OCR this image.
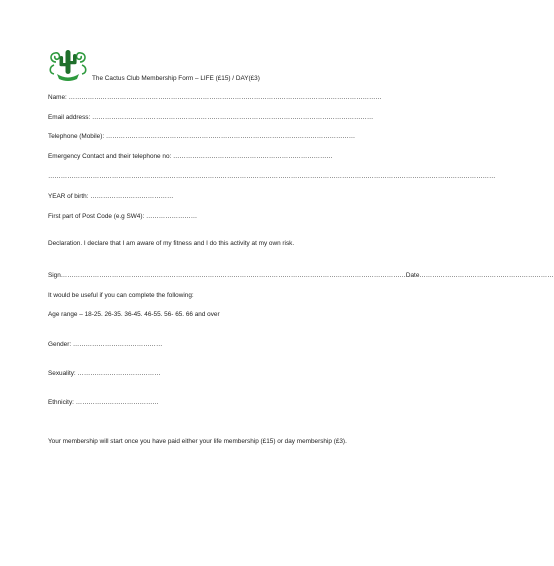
The Cactus Club Membership Form – LIFE (£15) / DAY(£3)
Name: …………………………………………………………………………………………………………………………………
Email address: ……………………………………………………………………………………………………………………
Telephone (Mobile): ………………………………………………………………………………………………………
Emergency Contact and their telephone no: …………………………………………………………………
…………………………………………………………………………………………………………………………………………………………………………………………
YEAR of birth: …………………………………
First part of Post Code (e.g SW4): ……………………
Declaration. I declare that I am aware of my fitness and I do this activity at my own risk.
Sign………………………………………………………………………………………………………………………………………………Date………………………………………………………
It would be useful if you can complete the following:
Age range – 18-25. 26-35. 36-45. 46-55. 56- 65. 66 and over
Gender: ……………………………………
Sexuality: …………………………………
Ethnicity: …………………………………
Your membership will start once you have paid either your life membership (£15) or day membership (£3).
